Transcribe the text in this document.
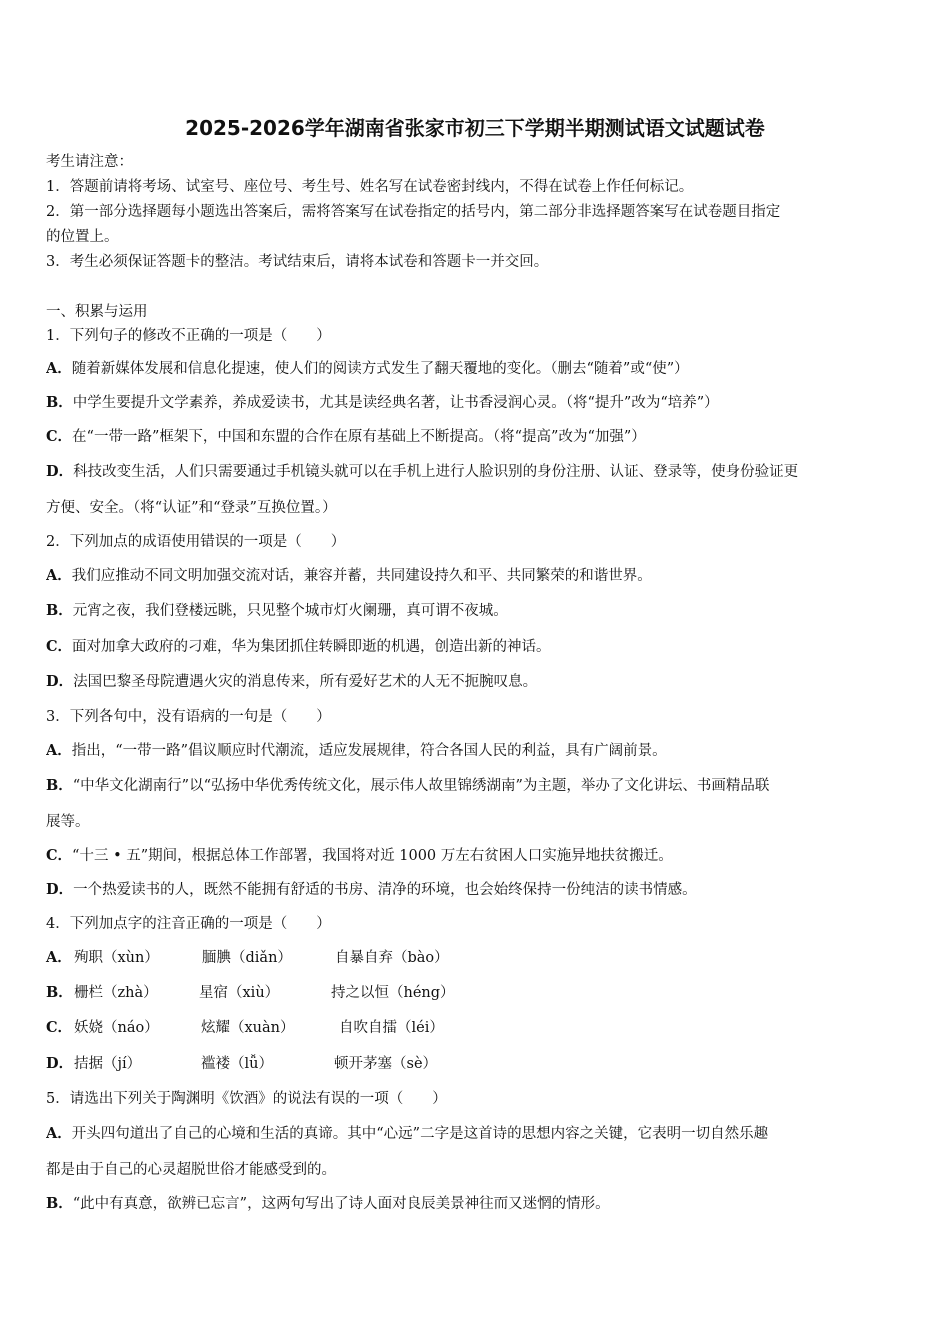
2025-2026学年湖南省张家市初三下学期半期测试语文试题试卷
考生请注意：
1．答题前请将考场、试室号、座位号、考生号、姓名写在试卷密封线内，不得在试卷上作任何标记。
2．第一部分选择题每小题选出答案后，需将答案写在试卷指定的括号内，第二部分非选择题答案写在试卷题目指定
的位置上。
3．考生必须保证答题卡的整洁。考试结束后，请将本试卷和答题卡一并交回。
一、积累与运用
1．下列句子的修改不正确的一项是（　　）
A．随着新媒体发展和信息化提速，使人们的阅读方式发生了翻天覆地的变化。（删去“随着”或“使”）
B．中学生要提升文学素养，养成爱读书，尤其是读经典名著，让书香浸润心灵。（将“提升”改为“培养”）
C．在“一带一路”框架下，中国和东盟的合作在原有基础上不断提高。（将“提高”改为“加强”）
D．科技改变生活，人们只需要通过手机镜头就可以在手机上进行人脸识别的身份注册、认证、登录等，使身份验证更
方便、安全。（将“认证”和“登录”互换位置。）
2．下列加点的成语使用错误的一项是（　　）
A．我们应推动不同文明加强交流对话，兼容并蓄，共同建设持久和平、共同繁荣的和谐世界。
B．元宵之夜，我们登楼远眺，只见整个城市灯火阑珊，真可谓不夜城。
C．面对加拿大政府的刁难，华为集团抓住转瞬即逝的机遇，创造出新的神话。
D．法国巴黎圣母院遭遇火灾的消息传来，所有爱好艺术的人无不扼腕叹息。
3．下列各句中，没有语病的一句是（　　）
A．指出，“一带一路”倡议顺应时代潮流，适应发展规律，符合各国人民的利益，具有广阔前景。
B．“中华文化湖南行”以“弘扬中华优秀传统文化，展示伟人故里锦绣湖南”为主题，举办了文化讲坛、书画精品联
展等。
C．“十三 • 五”期间，根据总体工作部署，我国将对近 1000 万左右贫困人口实施异地扶贫搬迁。
D．一个热爱读书的人，既然不能拥有舒适的书房、清净的环境，也会始终保持一份纯洁的读书情感。
4．下列加点字的注音正确的一项是（　　）
A． 殉职（xùn）	腼腆（diǎn）	自暴自弃（bào）
B．栅栏（zhà）	星宿（xiù）	持之以恒（héng）
C． 妖娆（náo）	炫耀（xuàn）	自吹自擂（léi）
D．拮据（jí）	褴褛（lǚ）	顿开茅塞（sè）
5．请选出下列关于陶渊明《饮酒》的说法有误的一项（　　）
A．开头四句道出了自己的心境和生活的真谛。其中“心远”二字是这首诗的思想内容之关键，它表明一切自然乐趣
都是由于自己的心灵超脱世俗才能感受到的。
B．“此中有真意，欲辨已忘言”，这两句写出了诗人面对良辰美景神往而又迷惘的情形。
